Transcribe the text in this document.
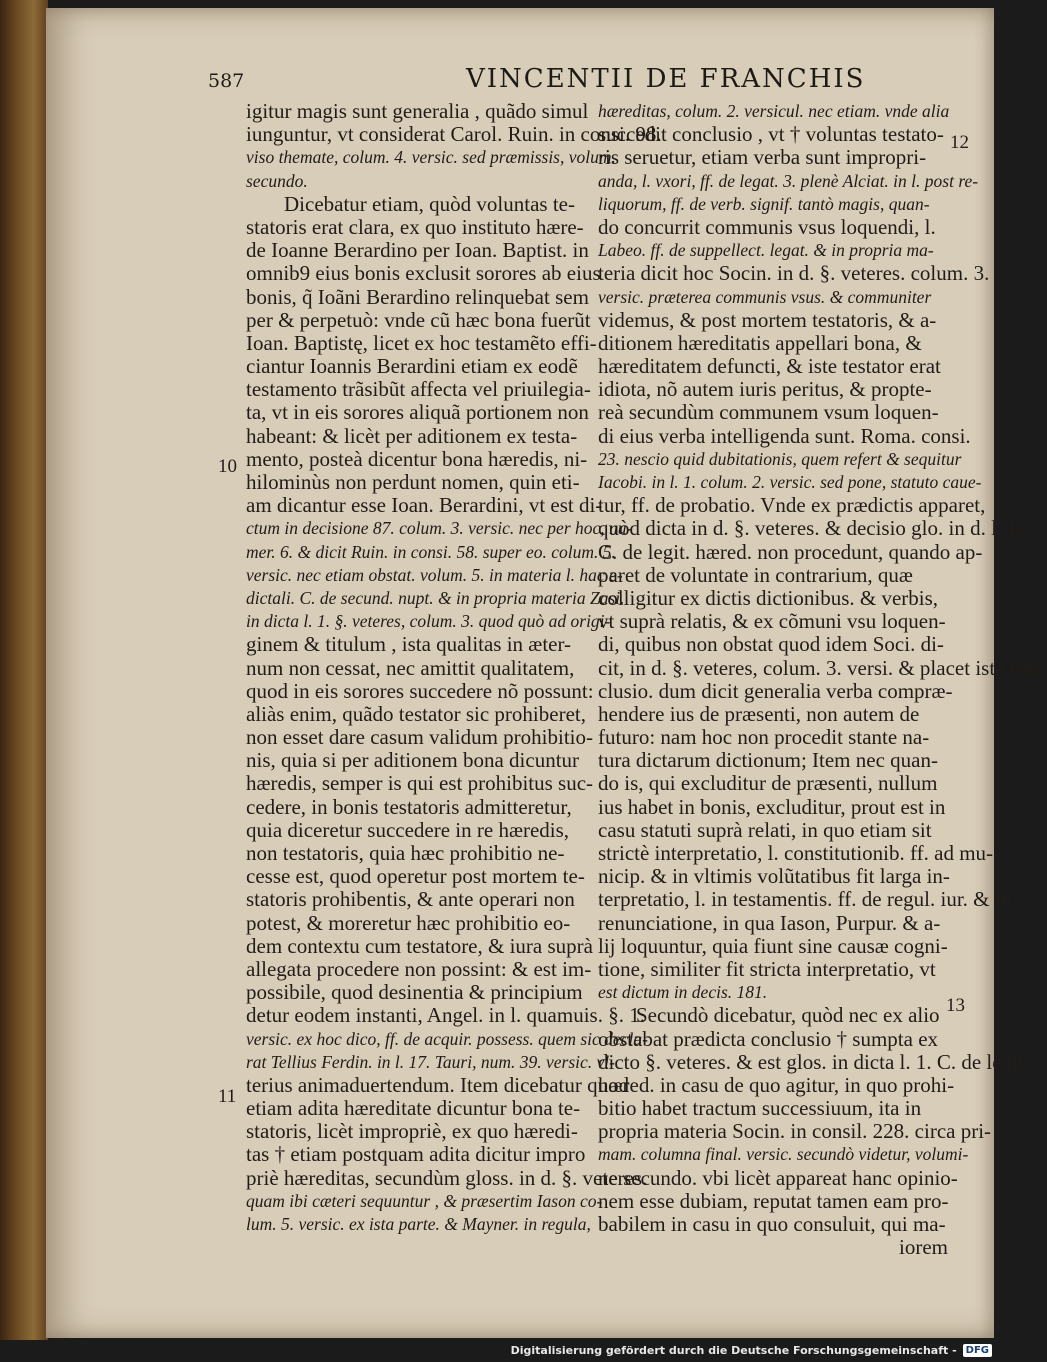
587	VINCENTII DE FRANCHIS
igitur magis sunt generalia , quãdo simul
iunguntur, vt considerat Carol. Ruin. in consi. 98.
viso themate, colum. 4. versic. sed præmissis, volum.
secundo.
Dicebatur etiam, quòd voluntas te-
statoris erat clara, ex quo instituto hære-
de Ioanne Berardino per Ioan. Baptist. in
omnib9 eius bonis exclusit sorores ab eius
bonis, q̃ Ioãni Berardino relinquebat sem
per & perpetuò: vnde cũ hæc bona fuerũt
Ioan. Baptistę, licet ex hoc testamẽto effi-
ciantur Ioannis Berardini etiam ex eodẽ
testamento trãsibũt affecta vel priuilegia-
ta, vt in eis sorores aliquã portionem non
habeant: & licèt per aditionem ex testa-
mento, posteà dicentur bona hæredis, ni-
hilominùs non perdunt nomen, quin eti-
am dicantur esse Ioan. Berardini, vt est di-
ctum in decisione 87. colum. 3. versic. nec per hoc, nu-
mer. 6. & dicit Ruin. in consi. 58. super eo. colum. 5.
versic. nec etiam obstat. volum. 5. in materia l. hac e-
dictali. C. de secund. nupt. & in propria materia Zasi.
in dicta l. 1. §. veteres, colum. 3. quod quò ad origi-
ginem & titulum , ista qualitas in æter-
num non cessat, nec amittit qualitatem,
quod in eis sorores succedere nõ possunt:
aliàs enim, quãdo testator sic prohiberet,
non esset dare casum validum prohibitio-
nis, quia si per aditionem bona dicuntur
hæredis, semper is qui est prohibitus suc-
cedere, in bonis testatoris admitteretur,
quia diceretur succedere in re hæredis,
non testatoris, quia hæc prohibitio ne-
cesse est, quod operetur post mortem te-
statoris prohibentis, & ante operari non
potest, & moreretur hæc prohibitio eo-
dem contextu cum testatore, & iura suprà
allegata procedere non possint: & est im-
possibile, quod desinentia & principium
detur eodem instanti, Angel. in l. quamuis. §. 1.
versic. ex hoc dico, ff. de acquir. possess. quem sic decla-
rat Tellius Ferdin. in l. 17. Tauri, num. 39. versic. vl-
terius animaduertendum. Item dicebatur quod
etiam adita hæreditate dicuntur bona te-
statoris, licèt impropriè, ex quo hæredi-
tas † etiam postquam adita dicitur impro
priè hæreditas, secundùm gloss. in d. §. veteres.
quam ibi cæteri sequuntur , & præsertim Iason co-
lum. 5. versic. ex ista parte. & Mayner. in regula,
hæreditas, colum. 2. versicul. nec etiam. vnde alia
succedit conclusio , vt † voluntas testato-
ris seruetur, etiam verba sunt impropri-
anda, l. vxori, ff. de legat. 3. plenè Alciat. in l. post re-
liquorum, ff. de verb. signif. tantò magis, quan-
do concurrit communis vsus loquendi, l.
Labeo. ff. de suppellect. legat. & in propria ma-
teria dicit hoc Socin. in d. §. veteres. colum. 3.
versic. præterea communis vsus. & communiter
videmus, & post mortem testatoris, & a-
ditionem hæreditatis appellari bona, &
hæreditatem defuncti, & iste testator erat
idiota, nõ autem iuris peritus, & propte-
reà secundùm communem vsum loquen-
di eius verba intelligenda sunt. Roma. consi.
23. nescio quid dubitationis, quem refert & sequitur
Iacobi. in l. 1. colum. 2. versic. sed pone, statuto caue-
tur, ff. de probatio. Vnde ex prædictis apparet,
quòd dicta in d. §. veteres. & decisio glo. in d. l. 1.
C. de legit. hæred. non procedunt, quando ap-
paret de voluntate in contrarium, quæ
colligitur ex dictis dictionibus. & verbis,
vt suprà relatis, & ex cõmuni vsu loquen-
di, quibus non obstat quod idem Soci. di-
cit, in d. §. veteres, colum. 3. versi. & placet ista con-
clusio. dum dicit generalia verba compræ-
hendere ius de præsenti, non autem de
futuro: nam hoc non procedit stante na-
tura dictarum dictionum; Item nec quan-
do is, qui excluditur de præsenti, nullum
ius habet in bonis, excluditur, prout est in
casu statuti suprà relati, in quo etiam sit
strictè interpretatio, l. constitutionib. ff. ad mu-
nicip. & in vltimis volũtatibus fit larga in-
terpretatio, l. in testamentis. ff. de regul. iur. & in
renunciatione, in qua Iason, Purpur. & a-
lij loquuntur, quia fiunt sine causæ cogni-
tione, similiter fit stricta interpretatio, vt
est dictum in decis. 181.
Secundò dicebatur, quòd nec ex alio
obstabat prædicta conclusio † sumpta ex
dicto §. veteres. & est glos. in dicta l. 1. C. de legit.
hæred. in casu de quo agitur, in quo prohi-
bitio habet tractum successiuum, ita in
propria materia Socin. in consil. 228. circa pri-
mam. columna final. versic. secundò videtur, volumi-
ne secundo. vbi licèt appareat hanc opinio-
nem esse dubiam, reputat tamen eam pro-
babilem in casu in quo consuluit, qui ma-
iorem
10
11
12
13
Digitalisierung gefördert durch die Deutsche Forschungsgemeinschaft - DFG
